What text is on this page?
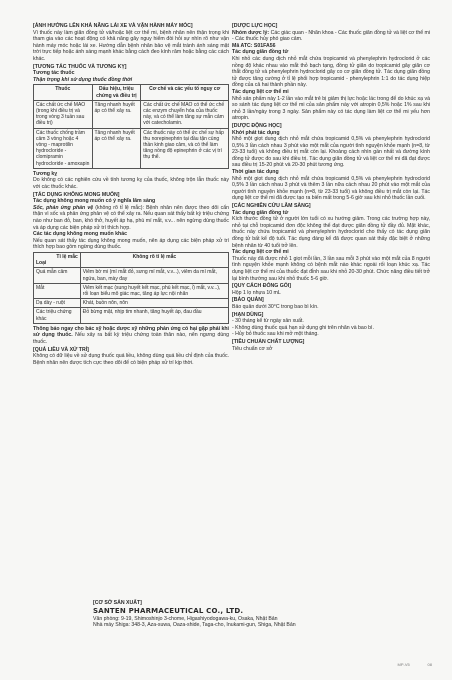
[ẢNH HƯỞNG LÊN KHẢ NĂNG LÁI XE VÀ VẬN HÀNH MÁY MÓC]

Vì thuốc này làm giãn đồng tử và/hoặc liệt cơ thể mi, bệnh nhân nên thận trọng khi tham gia vào các hoạt động có khả năng gây nguy hiểm đòi hỏi sự nhìn rõ như vận hành máy móc hoặc lái xe. Hướng dẫn bệnh nhân bảo vệ mắt tránh ánh sáng mặt trời trực tiếp hoặc ánh sáng mạnh khác bằng cách đeo kính râm hoặc bằng các cách khác.

[TƯƠNG TÁC THUỐC VÀ TƯƠNG KỴ]
Tương tác thuốc
Thận trọng khi sử dụng thuốc đồng thời
Thuốc	Dấu hiệu, triệu chứng và điều trị	Cơ chế và các yếu tố nguy cơ
Các chất ức chế MAO (trong khi điều trị và trong vòng 3 tuần sau điều trị)	Tăng nhanh huyết áp có thể xảy ra.	Các chất ức chế MAO có thể ức chế các enzym chuyển hóa của thuốc này, và có thể làm tăng sự mẫn cảm với catecholamin.
Các thuốc chống trầm cảm 3 vòng hoặc 4 vòng - maprotilin hydrocloride - clomipramin hydrocloride - amoxapin	Tăng nhanh huyết áp có thể xảy ra.	Các thuốc này có thể ức chế sự hấp thu norepinephrin tại đầu tận cùng thần kinh giao cảm, và có thể làm tăng nồng độ epinephrin ở các vị trí thụ thể.
Tương kỵ

Do không có các nghiên cứu về tính tương kỵ của thuốc, không trộn lẫn thuốc này với các thuốc khác.

[TÁC DỤNG KHÔNG MONG MUỐN]
Tác dụng không mong muốn có ý nghĩa lâm sàng

Sốc, phản ứng phản vệ (không rõ tỉ lệ mắc): Bệnh nhân nên được theo dõi cẩn thận vì sốc và phản ứng phản vệ có thể xảy ra. Nếu quan sát thấy bất kỳ triệu chứng nào như ban đỏ, ban, khó thở, huyết áp hạ, phù mí mắt, v.v... nên ngừng dùng thuốc và áp dụng các biện pháp xử trí thích hợp.

Các tác dụng không mong muốn khác

Nếu quan sát thấy tác dụng không mong muốn, nên áp dụng các biện pháp xử trí thích hợp bao gồm ngừng dùng thuốc.

Tỉ lệ mắc
Loại	Không rõ tỉ lệ mắc
Quá mẫn cảm	Viêm bờ mi (mí mắt đỏ, sưng mí mắt, v.v...), viêm da mí mắt, ngứa, ban, mày đay
Mắt	Viêm kết mạc (sung huyết kết mạc, phù kết mạc, ỉ) mắt, v.v...), rối loạn biểu mô giác mạc, tăng áp lực nội nhãn
Dạ dày - ruột	Khát, buồn nôn, nôn
Các triệu chứng khác	Đỏ bừng mặt, nhịp tim nhanh, tăng huyết áp, đau đầu

Thông báo ngay cho bác sỹ hoặc dược sỹ những phản ứng có hại gặp phải khi sử dụng thuốc. Nếu xảy ra bất kỳ triệu chứng toàn thân nào, nên ngưng dùng thuốc.

[QUÁ LIỀU VÀ XỬ TRÍ]

Không có dữ liệu về sử dụng thuốc quá liều, không dùng quá liều chỉ định của thuốc. Bệnh nhân nên được tích cực theo dõi để có biện pháp xử trí kịp thời.

[DƯỢC LỰC HỌC]

Nhóm dược lý: Các giác quan - Nhãn khoa - Các thuốc giãn đồng tử và liệt cơ thể mi - Các thuốc hủy phó giao cảm.

Mã ATC: S01FA56

Tác dụng giãn đồng tử

Khi nhỏ các dung dịch nhỏ mắt chứa tropicamid và phenylephrin hydroclorid ở các nồng độ khác nhau vào mắt thỏ bạch tạng, đồng tử giãn do tropicamid gây giãn cơ thắt đồng tử và phenylephrin hydroclorid gây co cơ giãn đồng tử. Tác dụng giãn đồng tử được tăng cường ở tỉ lệ phối hợp tropicamid - phenylephrin 1:1 do tác dụng hiệp đồng của cả hai thành phần này.

Tác dụng liệt cơ thể mi

Nhỏ sản phẩm này 1-2 lần vào mắt trẻ bị giảm thị lực hoặc lác trong để do khúc xạ và so sánh tác dụng liệt cơ thể mi của sản phẩm này với atropin 0,5% hoặc 1% sau khi nhỏ 3 lần/ngày trong 3 ngày. Sản phẩm này có tác dụng làm liệt cơ thể mi yếu hơn atropin.

[DƯỢC ĐỘNG HỌC]
Khởi phát tác dụng

Nhỏ một giọt dung dịch nhỏ mắt chứa tropicamid 0,5% và phenylephrin hydroclorid 0,5% 3 lần cách nhau 3 phút vào một mắt của người tình nguyện khỏe mạnh (n=8, từ 23-33 tuổi) và không điều trị mắt còn lại. Khoảng cách nhìn gần nhất và đường kính đồng tử được đo sau khi điều trị. Tác dụng giãn đồng tử và liệt cơ thể mi đã đạt được sau điều trị 15-20 phút và 20-30 phút tương ứng.

Thời gian tác dụng

Nhỏ một giọt dung dịch nhỏ mắt chứa tropicamid 0,5% và phenylephrin hydroclorid 0,5% 3 lần cách nhau 3 phút và thêm 3 lần nữa cách nhau 20 phút vào một mắt của người tình nguyện khỏe mạnh (n=8, từ 23-33 tuổi) và không điều trị mắt còn lại. Tác dụng liệt cơ thể mi đã được tạo ra biến mất trong 5-6 giờ sau khi nhỏ thuốc lần cuối.

[CÁC NGHIÊN CỨU LÂM SÀNG]
Tác dụng giãn đồng tử

Kích thước đồng tử ở người lớn tuổi có xu hướng giảm. Trong các trường hợp này, nhỏ tại chỗ tropicamid đơn độc không thể đạt được giãn đồng tử đầy đủ. Mặt khác, thuốc này chứa tropicamid và phenylephrin hydroclorid cho thấy có tác dụng giãn đồng tử bất kể độ tuổi. Tác dụng đáng kể đã được quan sát thấy đặc biệt ở những bệnh nhân từ 40 tuổi trở lên.

Tác dụng liệt cơ thể mi

Thuốc này đã được nhỏ 1 giọt mỗi lần, 3 lần sau mỗi 3 phút vào một mắt của 8 người tình nguyện khỏe mạnh không có bệnh mắt nào khác ngoài rối loạn khúc xạ. Tác dụng liệt cơ thể mi của thuốc đạt đỉnh sau khi nhỏ 20-30 phút. Chức năng điều tiết trở lại bình thường sau khi nhỏ thuốc 5-6 giờ.

[QUY CÁCH ĐÓNG GÓI]

Hộp 1 lọ nhựa 10 mL

[BẢO QUẢN]

Bảo quản dưới 30°C trong bao bì kín.

[HẠN DÙNG]
- 30 tháng kể từ ngày sản xuất.
- Không dùng thuốc quá hạn sử dụng ghi trên nhãn và bao bì.
- Hủy bỏ thuốc sau khi mở một tháng.
[TIÊU CHUẨN CHẤT LƯỢNG]

Tiêu chuẩn cơ sở

[CƠ SỞ SẢN XUẤT]
SANTEN PHARMACEUTICAL CO., LTD.
Văn phòng: 9-19, Shimoshinjo 3-chome, Higashiyodogawa-ku, Osaka, Nhật Bản
Nhà máy Shiga: 348-3, Aza-suwa, Oaza-shide, Taga-cho, Inukami-gun, Shiga, Nhật Bản
MP-V5	08
